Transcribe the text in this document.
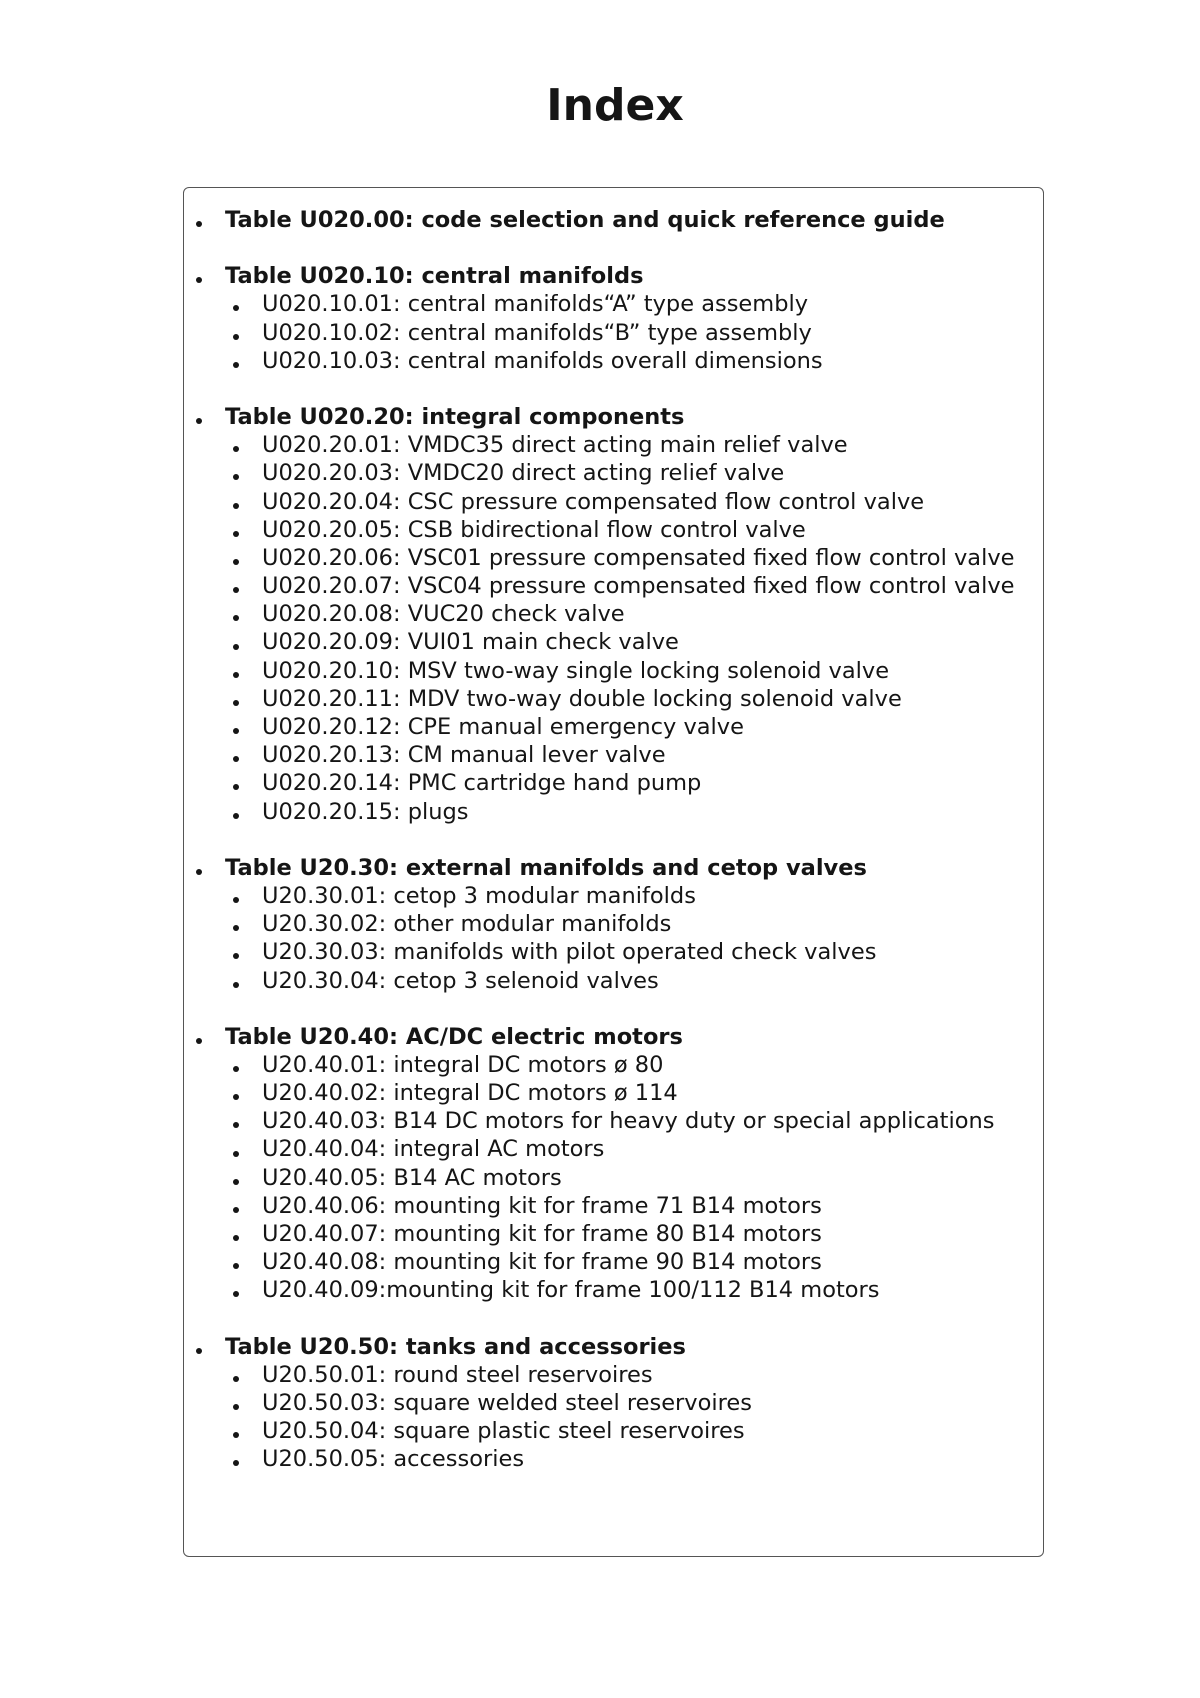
Index
Table U020.00: code selection and quick reference guide
Table U020.10: central manifolds
U020.10.01: central manifolds“A” type assembly
U020.10.02: central manifolds“B” type assembly
U020.10.03: central manifolds overall dimensions
Table U020.20: integral components
U020.20.01: VMDC35 direct acting main relief valve
U020.20.03: VMDC20 direct acting relief valve
U020.20.04: CSC pressure compensated flow control valve
U020.20.05: CSB bidirectional flow control valve
U020.20.06: VSC01 pressure compensated fixed flow control valve
U020.20.07: VSC04 pressure compensated fixed flow control valve
U020.20.08: VUC20 check valve
U020.20.09: VUI01 main check valve
U020.20.10: MSV two-way single locking solenoid valve
U020.20.11: MDV two-way double locking solenoid valve
U020.20.12: CPE manual emergency valve
U020.20.13: CM manual lever valve
U020.20.14: PMC cartridge hand pump
U020.20.15: plugs
Table U20.30: external manifolds and cetop valves
U20.30.01: cetop 3 modular manifolds
U20.30.02: other modular manifolds
U20.30.03: manifolds with pilot operated check valves
U20.30.04: cetop 3 selenoid valves
Table U20.40: AC/DC electric motors
U20.40.01: integral DC motors ø 80
U20.40.02: integral DC motors ø 114
U20.40.03: B14 DC motors for heavy duty or special applications
U20.40.04: integral AC motors
U20.40.05: B14 AC motors
U20.40.06: mounting kit for frame 71 B14 motors
U20.40.07: mounting kit for frame 80 B14 motors
U20.40.08: mounting kit for frame 90 B14 motors
U20.40.09:mounting kit for frame 100/112 B14 motors
Table U20.50: tanks and accessories
U20.50.01: round steel reservoires
U20.50.03: square welded steel reservoires
U20.50.04: square plastic steel reservoires
U20.50.05: accessories
